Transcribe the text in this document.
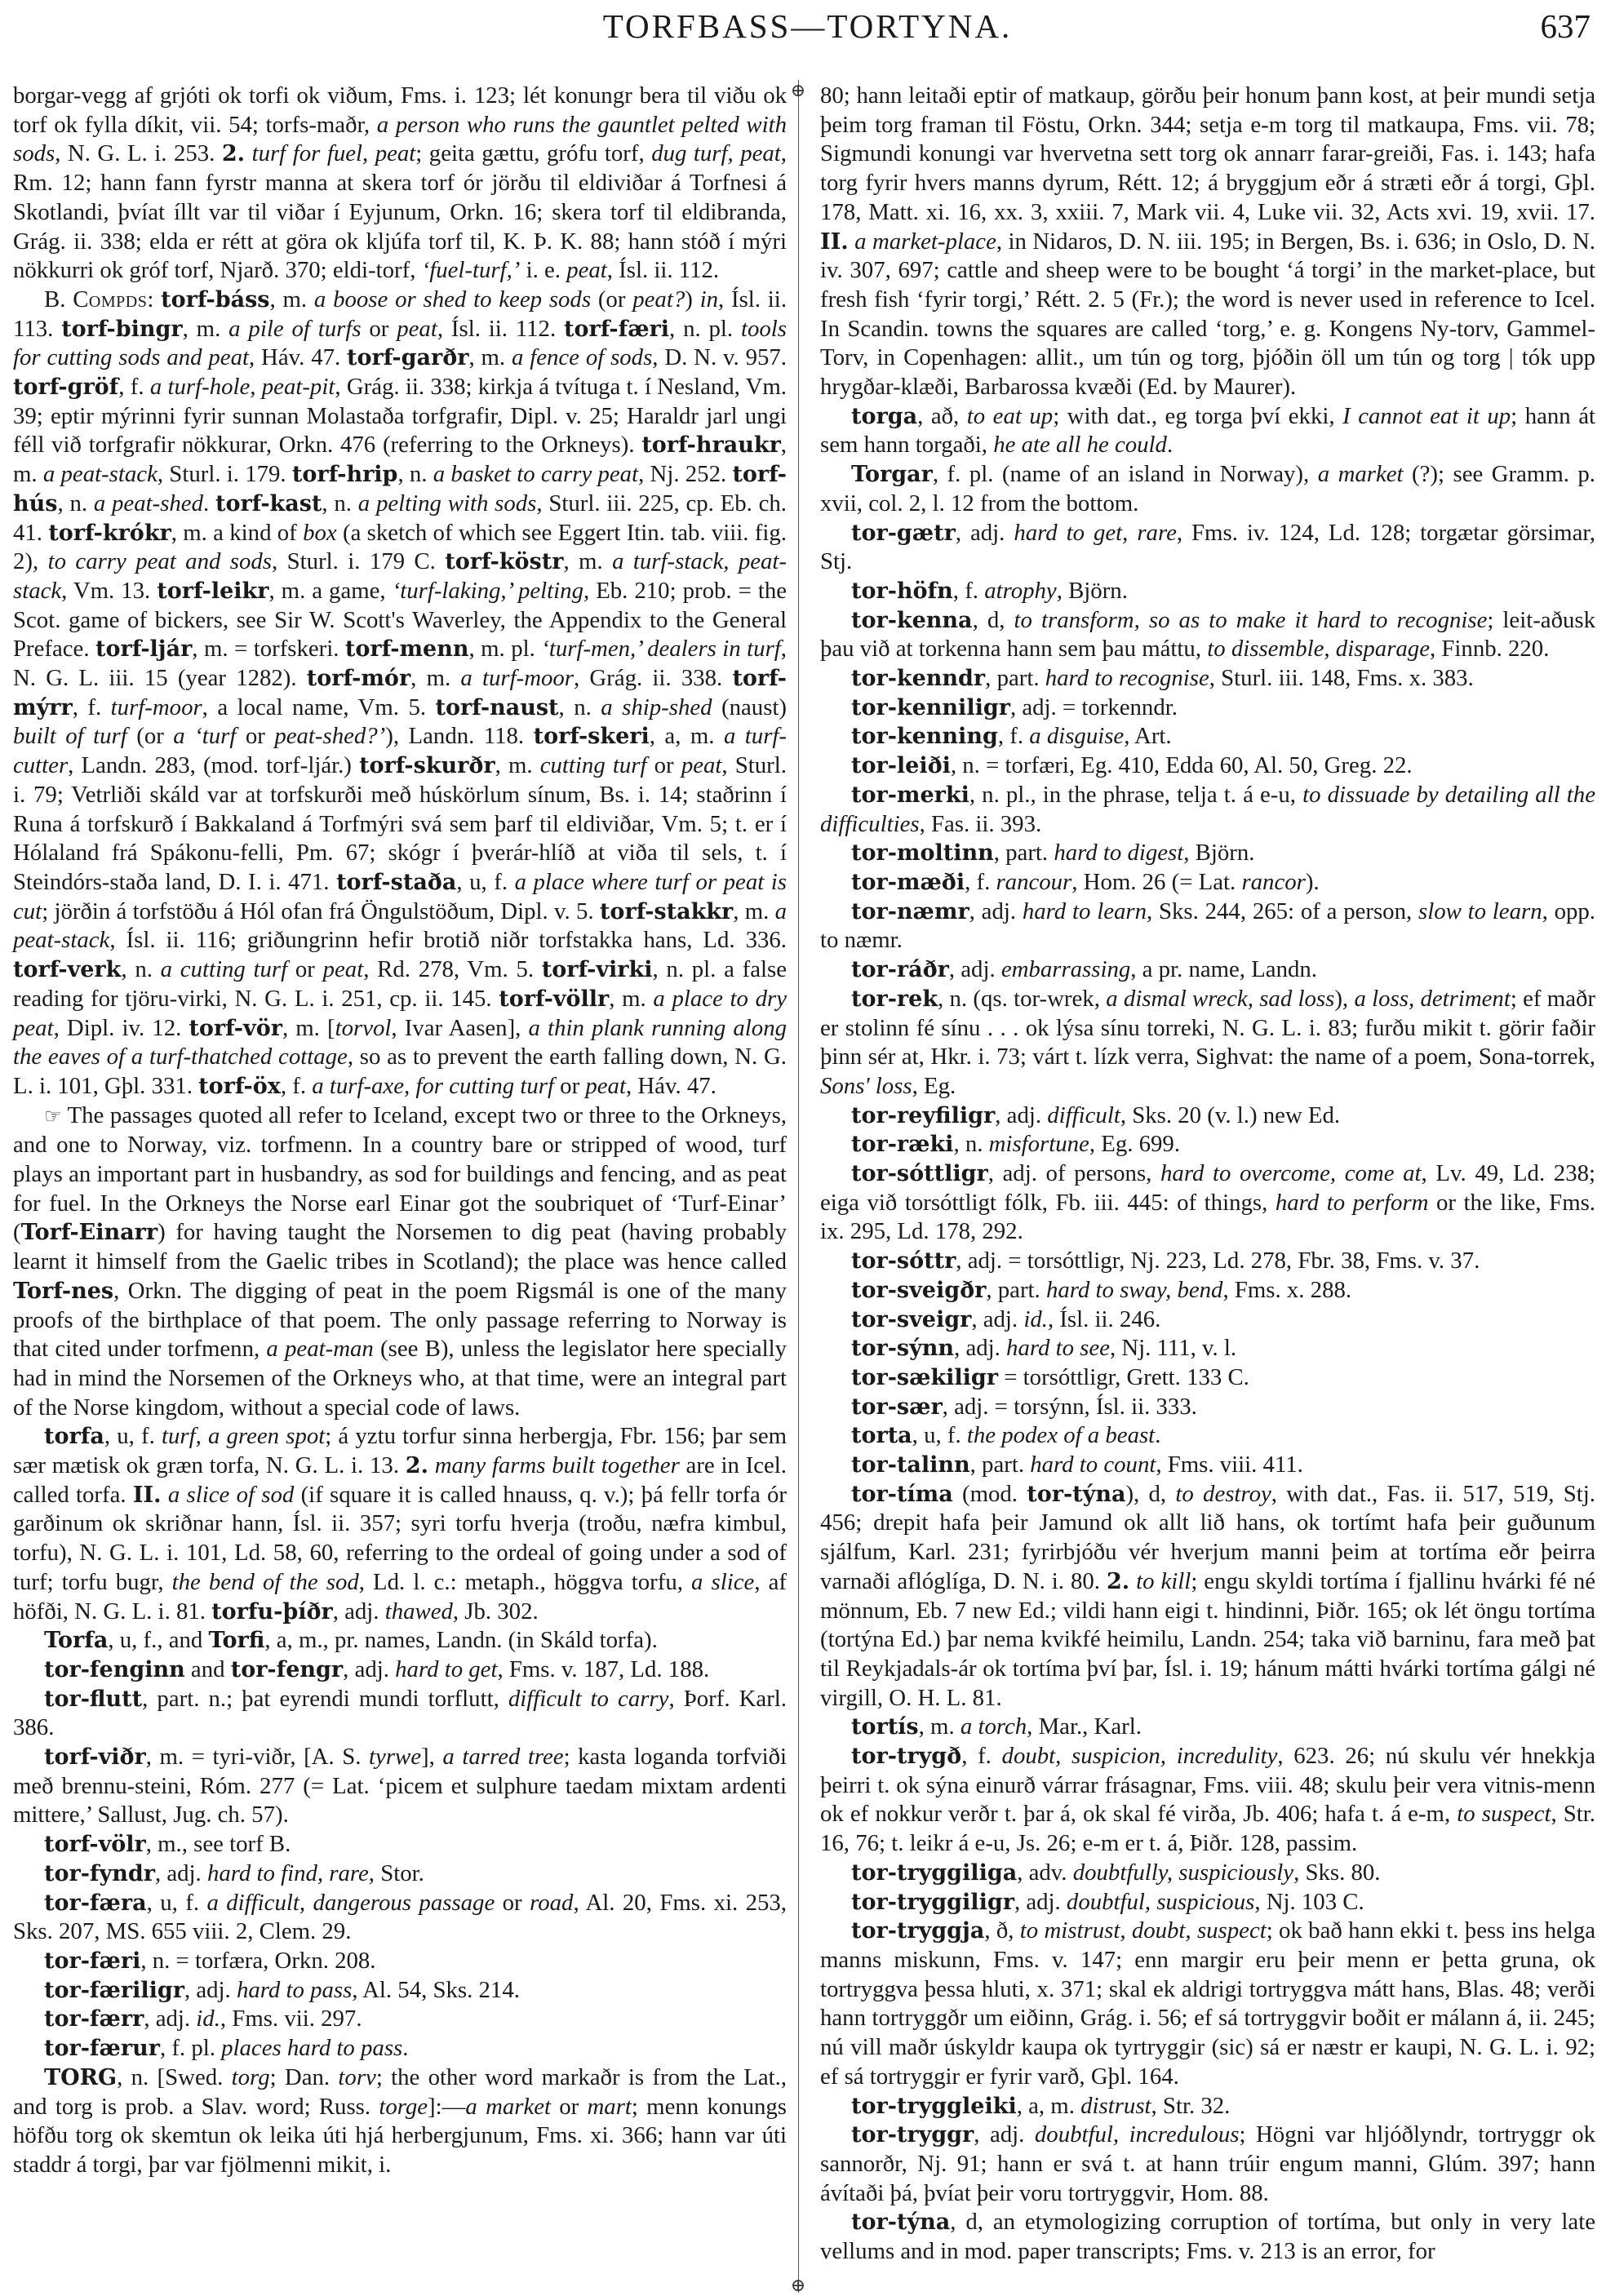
TORFBASS—TORTYNA.	637
⊕
⊕

borgar-vegg af grjóti ok torfi ok viðum, Fms. i. 123; lét konungr bera til viðu ok torf ok fylla díkit, vii. 54; torfs-maðr, a person who runs the gauntlet pelted with sods, N. G. L. i. 253. 2. turf for fuel, peat; geita gættu, grófu torf, dug turf, peat, Rm. 12; hann fann fyrstr manna at skera torf ór jörðu til eldiviðar á Torfnesi á Skotlandi, þvíat íllt var til viðar í Eyjunum, Orkn. 16; skera torf til eldibranda, Grág. ii. 338; elda er rétt at göra ok kljúfa torf til, K. Þ. K. 88; hann stóð í mýri nökkurri ok gróf torf, Njarð. 370; eldi-torf, ‘fuel-turf,’ i. e. peat, Ísl. ii. 112.

B. Compds: torf-báss, m. a boose or shed to keep sods (or peat?) in, Ísl. ii. 113. torf-bingr, m. a pile of turfs or peat, Ísl. ii. 112. torf-færi, n. pl. tools for cutting sods and peat, Háv. 47. torf-garðr, m. a fence of sods, D. N. v. 957. torf-gröf, f. a turf-hole, peat-pit, Grág. ii. 338; kirkja á tvítuga t. í Nesland, Vm. 39; eptir mýrinni fyrir sunnan Molastaða torfgrafir, Dipl. v. 25; Haraldr jarl ungi féll við torfgrafir nökkurar, Orkn. 476 (referring to the Orkneys). torf-hraukr, m. a peat-stack, Sturl. i. 179. torf-hrip, n. a basket to carry peat, Nj. 252. torf-hús, n. a peat-shed. torf-kast, n. a pelting with sods, Sturl. iii. 225, cp. Eb. ch. 41. torf-krókr, m. a kind of box (a sketch of which see Eggert Itin. tab. viii. fig. 2), to carry peat and sods, Sturl. i. 179 C. torf-köstr, m. a turf-stack, peat-stack, Vm. 13. torf-leikr, m. a game, ‘turf-laking,’ pelting, Eb. 210; prob. = the Scot. game of bickers, see Sir W. Scott's Waverley, the Appendix to the General Preface. torf-ljár, m. = torfskeri. torf-menn, m. pl. ‘turf-men,’ dealers in turf, N. G. L. iii. 15 (year 1282). torf-mór, m. a turf-moor, Grág. ii. 338. torf-mýrr, f. turf-moor, a local name, Vm. 5. torf-naust, n. a ship-shed (naust) built of turf (or a ‘turf or peat-shed?’), Landn. 118. torf-skeri, a, m. a turf-cutter, Landn. 283, (mod. torf-ljár.) torf-skurðr, m. cutting turf or peat, Sturl. i. 79; Vetrliði skáld var at torfskurði með húskörlum sínum, Bs. i. 14; staðrinn í Runa á torfskurð í Bakkaland á Torfmýri svá sem þarf til eldiviðar, Vm. 5; t. er í Hólaland frá Spákonu-felli, Pm. 67; skógr í þverár-hlíð at viða til sels, t. í Steindórs-staða land, D. I. i. 471. torf-staða, u, f. a place where turf or peat is cut; jörðin á torfstöðu á Hól ofan frá Öngulstöðum, Dipl. v. 5. torf-stakkr, m. a peat-stack, Ísl. ii. 116; griðungrinn hefir brotið niðr torfstakka hans, Ld. 336. torf-verk, n. a cutting turf or peat, Rd. 278, Vm. 5. torf-virki, n. pl. a false reading for tjöru-virki, N. G. L. i. 251, cp. ii. 145. torf-völlr, m. a place to dry peat, Dipl. iv. 12. torf-vör, m. [torvol, Ivar Aasen], a thin plank running along the eaves of a turf-thatched cottage, so as to prevent the earth falling down, N. G. L. i. 101, Gþl. 331. torf-öx, f. a turf-axe, for cutting turf or peat, Háv. 47.

☞ The passages quoted all refer to Iceland, except two or three to the Orkneys, and one to Norway, viz. torfmenn. In a country bare or stripped of wood, turf plays an important part in husbandry, as sod for buildings and fencing, and as peat for fuel. In the Orkneys the Norse earl Einar got the soubriquet of ‘Turf-Einar’ (Torf-Einarr) for having taught the Norsemen to dig peat (having probably learnt it himself from the Gaelic tribes in Scotland); the place was hence called Torf-nes, Orkn. The digging of peat in the poem Rigsmál is one of the many proofs of the birthplace of that poem. The only passage referring to Norway is that cited under torfmenn, a peat-man (see B), unless the legislator here specially had in mind the Norsemen of the Orkneys who, at that time, were an integral part of the Norse kingdom, without a special code of laws.

torfa, u, f. turf, a green spot; á yztu torfur sinna herbergja, Fbr. 156; þar sem sær mætisk ok græn torfa, N. G. L. i. 13. 2. many farms built together are in Icel. called torfa. II. a slice of sod (if square it is called hnauss, q. v.); þá fellr torfa ór garðinum ok skriðnar hann, Ísl. ii. 357; syri torfu hverja (troðu, næfra kimbul, torfu), N. G. L. i. 101, Ld. 58, 60, referring to the ordeal of going under a sod of turf; torfu bugr, the bend of the sod, Ld. l. c.: metaph., höggva torfu, a slice, af höfði, N. G. L. i. 81. torfu-þíðr, adj. thawed, Jb. 302.

Torfa, u, f., and Torfi, a, m., pr. names, Landn. (in Skáld torfa).

tor-fenginn and tor-fengr, adj. hard to get, Fms. v. 187, Ld. 188.

tor-flutt, part. n.; þat eyrendi mundi torflutt, difficult to carry, Þorf. Karl. 386.

torf-viðr, m. = tyri-viðr, [A. S. tyrwe], a tarred tree; kasta loganda torfviði með brennu-steini, Róm. 277 (= Lat. ‘picem et sulphure taedam mixtam ardenti mittere,’ Sallust, Jug. ch. 57).

torf-völr, m., see torf B.

tor-fyndr, adj. hard to find, rare, Stor.

tor-færa, u, f. a difficult, dangerous passage or road, Al. 20, Fms. xi. 253, Sks. 207, MS. 655 viii. 2, Clem. 29.

tor-færi, n. = torfæra, Orkn. 208.

tor-færiligr, adj. hard to pass, Al. 54, Sks. 214.

tor-færr, adj. id., Fms. vii. 297.

tor-færur, f. pl. places hard to pass.

TORG, n. [Swed. torg; Dan. torv; the other word markaðr is from the Lat., and torg is prob. a Slav. word; Russ. torge]:—a market or mart; menn konungs höfðu torg ok skemtun ok leika úti hjá herbergjunum, Fms. xi. 366; hann var úti staddr á torgi, þar var fjölmenni mikit, i.

80; hann leitaði eptir of matkaup, görðu þeir honum þann kost, at þeir mundi setja þeim torg framan til Föstu, Orkn. 344; setja e-m torg til matkaupa, Fms. vii. 78; Sigmundi konungi var hvervetna sett torg ok annarr farar-greiði, Fas. i. 143; hafa torg fyrir hvers manns dyrum, Rétt. 12; á bryggjum eðr á stræti eðr á torgi, Gþl. 178, Matt. xi. 16, xx. 3, xxiii. 7, Mark vii. 4, Luke vii. 32, Acts xvi. 19, xvii. 17. II. a market-place, in Nidaros, D. N. iii. 195; in Bergen, Bs. i. 636; in Oslo, D. N. iv. 307, 697; cattle and sheep were to be bought ‘á torgi’ in the market-place, but fresh fish ‘fyrir torgi,’ Rétt. 2. 5 (Fr.); the word is never used in reference to Icel. In Scandin. towns the squares are called ‘torg,’ e. g. Kongens Ny-torv, Gammel-Torv, in Copenhagen: allit., um tún og torg, þjóðin öll um tún og torg | tók upp hrygðar-klæði, Barbarossa kvæði (Ed. by Maurer).

torga, að, to eat up; with dat., eg torga því ekki, I cannot eat it up; hann át sem hann torgaði, he ate all he could.

Torgar, f. pl. (name of an island in Norway), a market (?); see Gramm. p. xvii, col. 2, l. 12 from the bottom.

tor-gætr, adj. hard to get, rare, Fms. iv. 124, Ld. 128; torgætar görsimar, Stj.

tor-höfn, f. atrophy, Björn.

tor-kenna, d, to transform, so as to make it hard to recognise; leit-aðusk þau við at torkenna hann sem þau máttu, to dissemble, disparage, Finnb. 220.

tor-kenndr, part. hard to recognise, Sturl. iii. 148, Fms. x. 383.

tor-kenniligr, adj. = torkenndr.

tor-kenning, f. a disguise, Art.

tor-leiði, n. = torfæri, Eg. 410, Edda 60, Al. 50, Greg. 22.

tor-merki, n. pl., in the phrase, telja t. á e-u, to dissuade by detailing all the difficulties, Fas. ii. 393.

tor-moltinn, part. hard to digest, Björn.

tor-mæði, f. rancour, Hom. 26 (= Lat. rancor).

tor-næmr, adj. hard to learn, Sks. 244, 265: of a person, slow to learn, opp. to næmr.

tor-ráðr, adj. embarrassing, a pr. name, Landn.

tor-rek, n. (qs. tor-wrek, a dismal wreck, sad loss), a loss, detriment; ef maðr er stolinn fé sínu . . . ok lýsa sínu torreki, N. G. L. i. 83; furðu mikit t. görir faðir þinn sér at, Hkr. i. 73; várt t. lízk verra, Sighvat: the name of a poem, Sona-torrek, Sons' loss, Eg.

tor-reyfiligr, adj. difficult, Sks. 20 (v. l.) new Ed.

tor-ræki, n. misfortune, Eg. 699.

tor-sóttligr, adj. of persons, hard to overcome, come at, Lv. 49, Ld. 238; eiga við torsóttligt fólk, Fb. iii. 445: of things, hard to perform or the like, Fms. ix. 295, Ld. 178, 292.

tor-sóttr, adj. = torsóttligr, Nj. 223, Ld. 278, Fbr. 38, Fms. v. 37.

tor-sveigðr, part. hard to sway, bend, Fms. x. 288.

tor-sveigr, adj. id., Ísl. ii. 246.

tor-sýnn, adj. hard to see, Nj. 111, v. l.

tor-sækiligr = torsóttligr, Grett. 133 C.

tor-sær, adj. = torsýnn, Ísl. ii. 333.

torta, u, f. the podex of a beast.

tor-talinn, part. hard to count, Fms. viii. 411.

tor-tíma (mod. tor-týna), d, to destroy, with dat., Fas. ii. 517, 519, Stj. 456; drepit hafa þeir Jamund ok allt lið hans, ok tortímt hafa þeir guðunum sjálfum, Karl. 231; fyrirbjóðu vér hverjum manni þeim at tortíma eðr þeirra varnaði aflóglíga, D. N. i. 80. 2. to kill; engu skyldi tortíma í fjallinu hvárki fé né mönnum, Eb. 7 new Ed.; vildi hann eigi t. hindinni, Þiðr. 165; ok lét öngu tortíma (tortýna Ed.) þar nema kvikfé heimilu, Landn. 254; taka við barninu, fara með þat til Reykjadals-ár ok tortíma því þar, Ísl. i. 19; hánum mátti hvárki tortíma gálgi né virgill, O. H. L. 81.

tortís, m. a torch, Mar., Karl.

tor-trygð, f. doubt, suspicion, incredulity, 623. 26; nú skulu vér hnekkja þeirri t. ok sýna einurð várrar frásagnar, Fms. viii. 48; skulu þeir vera vitnis-menn ok ef nokkur verðr t. þar á, ok skal fé virða, Jb. 406; hafa t. á e-m, to suspect, Str. 16, 76; t. leikr á e-u, Js. 26; e-m er t. á, Þiðr. 128, passim.

tor-tryggiliga, adv. doubtfully, suspiciously, Sks. 80.

tor-tryggiligr, adj. doubtful, suspicious, Nj. 103 C.

tor-tryggja, ð, to mistrust, doubt, suspect; ok bað hann ekki t. þess ins helga manns miskunn, Fms. v. 147; enn margir eru þeir menn er þetta gruna, ok tortryggva þessa hluti, x. 371; skal ek aldrigi tortryggva mátt hans, Blas. 48; verði hann tortryggðr um eiðinn, Grág. i. 56; ef sá tortryggvir boðit er málann á, ii. 245; nú vill maðr úskyldr kaupa ok tyrtryggir (sic) sá er næstr er kaupi, N. G. L. i. 92; ef sá tortryggir er fyrir varð, Gþl. 164.

tor-tryggleiki, a, m. distrust, Str. 32.

tor-tryggr, adj. doubtful, incredulous; Högni var hljóðlyndr, tortryggr ok sannorðr, Nj. 91; hann er svá t. at hann trúir engum manni, Glúm. 397; hann ávítaði þá, þvíat þeir voru tortryggvir, Hom. 88.

tor-týna, d, an etymologizing corruption of tortíma, but only in very late vellums and in mod. paper transcripts; Fms. v. 213 is an error, for
